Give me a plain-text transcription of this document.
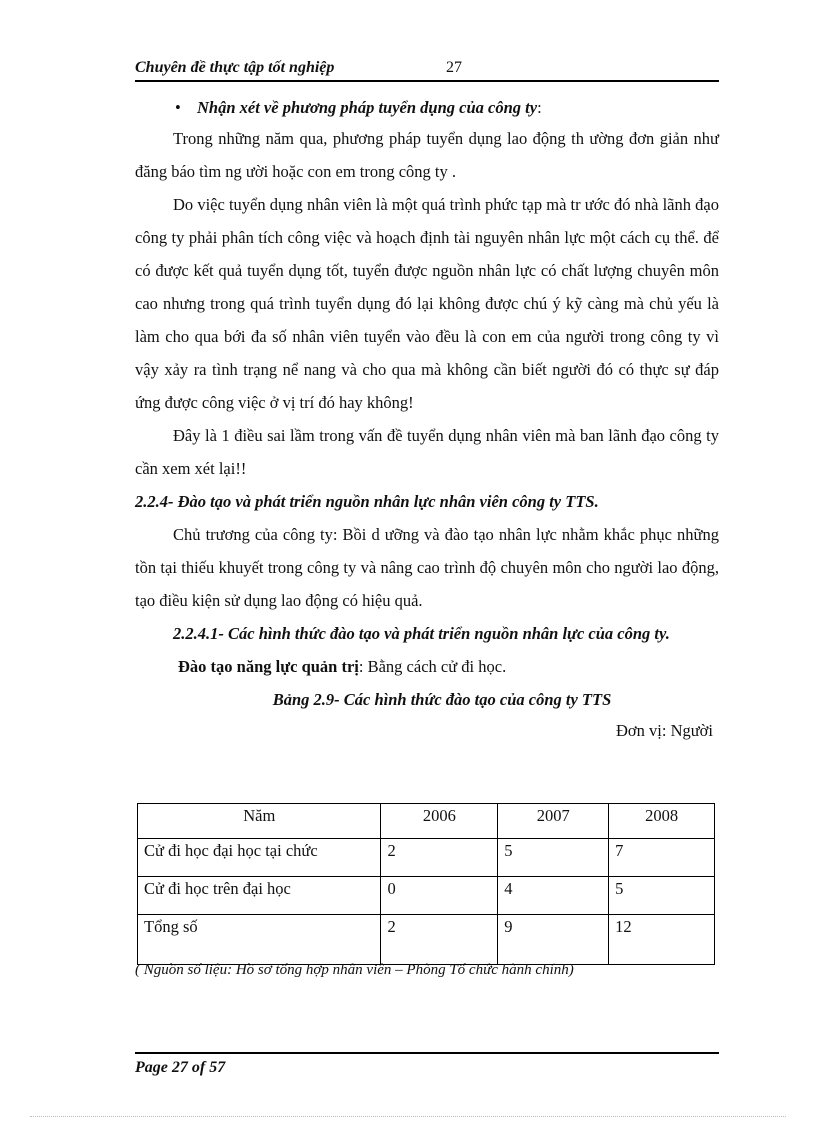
Chuyên đề thực tập tốt nghiệp	27

• Nhận xét về phương pháp tuyển dụng của công ty:

Trong những năm qua, phương pháp tuyển dụng lao động th ường đơn giản như đăng báo tìm ng ười hoặc con em trong công ty .

Do việc tuyển dụng nhân viên là một quá trình phức tạp mà tr ước đó nhà lãnh đạo công ty phải phân tích công việc và hoạch định tài nguyên nhân lực một cách cụ thể. để có được kết quả tuyển dụng tốt, tuyển được nguồn nhân lực có chất lượng chuyên môn cao nhưng trong quá trình tuyển dụng đó lại không được chú ý kỹ càng mà chủ yếu là làm cho qua bới đa số nhân viên tuyển vào đều là con em của người trong công ty vì vậy xảy ra tình trạng nể nang và cho qua mà không cần biết người đó có thực sự đáp ứng được công việc ở vị trí đó hay không!

Đây là 1 điều sai lầm trong vấn đề tuyển dụng nhân viên mà ban lãnh đạo công ty cần xem xét lại!!

2.2.4- Đào tạo và phát triển nguồn nhân lực nhân viên công ty TTS.

Chủ trương của công ty: Bồi d ưỡng và đào tạo nhân lực nhằm khắc phục những tồn tại thiếu khuyết trong công ty và nâng cao trình độ chuyên môn cho người lao động, tạo điều kiện sử dụng lao động có hiệu quả.

2.2.4.1- Các hình thức đào tạo và phát triển nguồn nhân lực của công ty.

Đào tạo năng lực quản trị: Bằng cách cử đi học.

Bảng 2.9- Các hình thức đào tạo của công ty TTS

Đơn vị: Người

Năm	2006	2007	2008
Cử đi học đại học tại chức	2	5	7
Cử đi học trên đại học	0	4	5
Tổng số	2	9	12
( Nguồn số liệu: Hồ sơ tổng hợp nhân viên – Phòng Tổ chức hành chính)
Page 27 of 57
